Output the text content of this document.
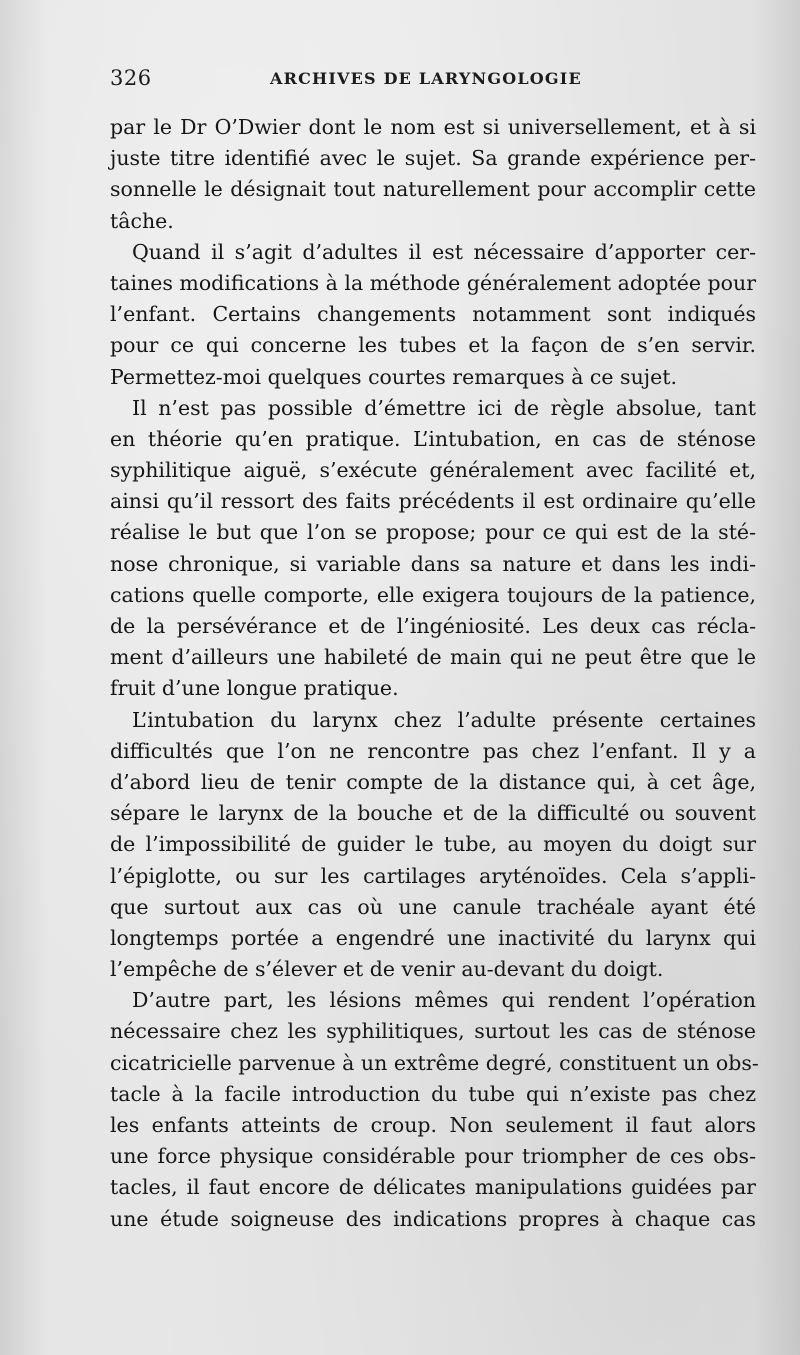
326	ARCHIVES DE LARYNGOLOGIE
par le Dr O’Dwier dont le nom est si universellement, et à si
juste titre identifié avec le sujet. Sa grande expérience per-
sonnelle le désignait tout naturellement pour accomplir cette
tâche.
Quand il s’agit d’adultes il est nécessaire d’apporter cer-
taines modifications à la méthode généralement adoptée pour
l’enfant. Certains changements notamment sont indiqués
pour ce qui concerne les tubes et la façon de s’en servir.
Permettez-moi quelques courtes remarques à ce sujet.
Il n’est pas possible d’émettre ici de règle absolue, tant
en théorie qu’en pratique. L’intubation, en cas de sténose
syphilitique aiguë, s’exécute généralement avec facilité et,
ainsi qu’il ressort des faits précédents il est ordinaire qu’elle
réalise le but que l’on se propose; pour ce qui est de la sté-
nose chronique, si variable dans sa nature et dans les indi-
cations quelle comporte, elle exigera toujours de la patience,
de la persévérance et de l’ingéniosité. Les deux cas récla-
ment d’ailleurs une habileté de main qui ne peut être que le
fruit d’une longue pratique.
L’intubation du larynx chez l’adulte présente certaines
difficultés que l’on ne rencontre pas chez l’enfant. Il y a
d’abord lieu de tenir compte de la distance qui, à cet âge,
sépare le larynx de la bouche et de la difficulté ou souvent
de l’impossibilité de guider le tube, au moyen du doigt sur
l’épiglotte, ou sur les cartilages aryténoïdes. Cela s’appli-
que surtout aux cas où une canule trachéale ayant été
longtemps portée a engendré une inactivité du larynx qui
l’empêche de s’élever et de venir au-devant du doigt.
D’autre part, les lésions mêmes qui rendent l’opération
nécessaire chez les syphilitiques, surtout les cas de sténose
cicatricielle parvenue à un extrême degré, constituent un obs-
tacle à la facile introduction du tube qui n’existe pas chez
les enfants atteints de croup. Non seulement il faut alors
une force physique considérable pour triompher de ces obs-
tacles, il faut encore de délicates manipulations guidées par
une étude soigneuse des indications propres à chaque cas
